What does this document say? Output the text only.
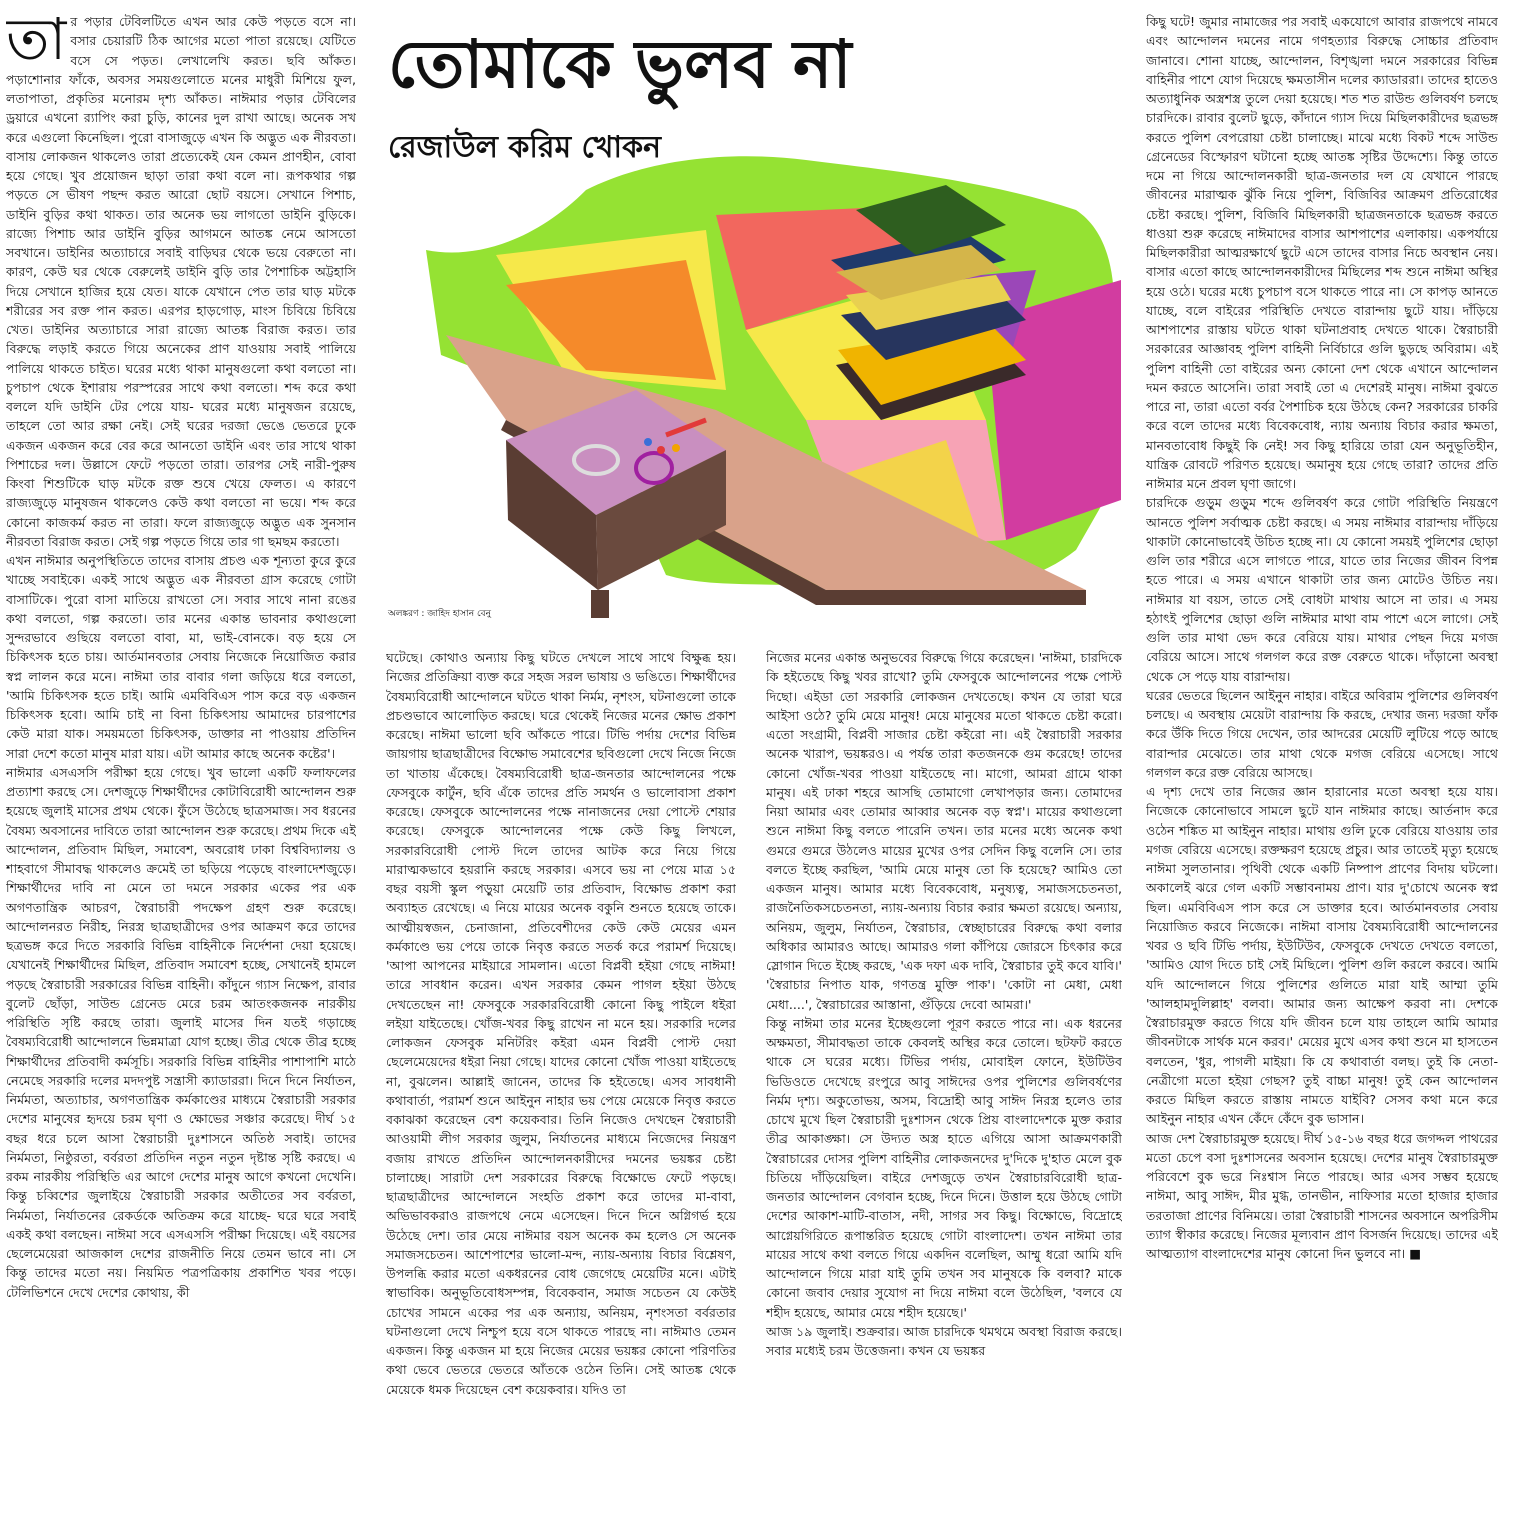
তোমাকে ভুলব না
রেজাউল করিম খোকন
অলঙ্করণ : জাহিদ হাসান বেনু

তার পড়ার টেবিলটিতে এখন আর কেউ পড়তে বসে না। বসার চেয়ারটি ঠিক আগের মতো পাতা রয়েছে। যেটিতে বসে সে পড়ত। লেখালেখি করত। ছবি আঁকত। পড়াশোনার ফাঁকে, অবসর সময়গুলোতে মনের মাধুরী মিশিয়ে ফুল, লতাপাতা, প্রকৃতির মনোরম দৃশ্য আঁকত। নাঈমার পড়ার টেবিলের ড্রয়ারে এখনো র‍্যাপিং করা চুড়ি, কানের দুল রাখা আছে। অনেক সখ করে এগুলো কিনেছিল। পুরো বাসাজুড়ে এখন কি অদ্ভুত এক নীরবতা। বাসায় লোকজন থাকলেও তারা প্রত্যেকেই যেন কেমন প্রাণহীন, বোবা হয়ে গেছে। খুব প্রয়োজন ছাড়া তারা কথা বলে না। রূপকথার গল্প পড়তে সে ভীষণ পছন্দ করত আরো ছোট বয়সে। সেখানে পিশাচ, ডাইনি বুড়ির কথা থাকত। তার অনেক ভয় লাগতো ডাইনি বুড়িকে। রাজ্যে পিশাচ আর ডাইনি বুড়ির আগমনে আতঙ্ক নেমে আসতো সবখানে। ডাইনির অত্যাচারে সবাই বাড়িঘর থেকে ভয়ে বেরুতো না। কারণ, কেউ ঘর থেকে বেরুলেই ডাইনি বুড়ি তার পৈশাচিক অট্টহাসি দিয়ে সেখানে হাজির হয়ে যেত। যাকে যেখানে পেত তার ঘাড় মটকে শরীরের সব রক্ত পান করত। এরপর হাড়গোড়, মাংস চিবিয়ে চিবিয়ে খেত। ডাইনির অত্যাচারে সারা রাজ্যে আতঙ্ক বিরাজ করত। তার বিরুদ্ধে লড়াই করতে গিয়ে অনেকের প্রাণ যাওয়ায় সবাই পালিয়ে পালিয়ে থাকতে চাইত। ঘরের মধ্যে থাকা মানুষগুলো কথা বলতো না। চুপচাপ থেকে ইশারায় পরস্পরের সাথে কথা বলতো। শব্দ করে কথা বললে যদি ডাইনি টের পেয়ে যায়- ঘরের মধ্যে মানুষজন রয়েছে, তাহলে তো আর রক্ষা নেই। সেই ঘরের দরজা ভেঙে ভেতরে ঢুকে একজন একজন করে বের করে আনতো ডাইনি এবং তার সাথে থাকা পিশাচের দল। উল্লাসে ফেটে পড়তো তারা। তারপর সেই নারী-পুরুষ কিংবা শিশুটিকে ঘাড় মটকে রক্ত শুষে খেয়ে ফেলত। এ কারণে রাজ্যজুড়ে মানুষজন থাকলেও কেউ কথা বলতো না ভয়ে। শব্দ করে কোনো কাজকর্ম করত না তারা। ফলে রাজ্যজুড়ে অদ্ভুত এক সুনসান নীরবতা বিরাজ করত। সেই গল্প পড়তে গিয়ে তার গা ছমছম করতো।

এখন নাঈমার অনুপস্থিতিতে তাদের বাসায় প্রচণ্ড এক শূন্যতা কুরে কুরে খাচ্ছে সবাইকে। একই সাথে অদ্ভুত এক নীরবতা গ্রাস করেছে গোটা বাসাটিকে। পুরো বাসা মাতিয়ে রাখতো সে। সবার সাথে নানা রঙের কথা বলতো, গল্প করতো। তার মনের একান্ত ভাবনার কথাগুলো সুন্দরভাবে গুছিয়ে বলতো বাবা, মা, ভাই-বোনকে। বড় হয়ে সে চিকিৎসক হতে চায়। আর্তমানবতার সেবায় নিজেকে নিয়োজিত করার স্বপ্ন লালন করে মনে। নাঈমা তার বাবার গলা জড়িয়ে ধরে বলতো, 'আমি চিকিৎসক হতে চাই। আমি এমবিবিএস পাস করে বড় একজন চিকিৎসক হবো। আমি চাই না বিনা চিকিৎসায় আমাদের চারপাশের কেউ মারা যাক। সময়মতো চিকিৎসক, ডাক্তার না পাওয়ায় প্রতিদিন সারা দেশে কতো মানুষ মারা যায়। এটা আমার কাছে অনেক কষ্টের'।

নাঈমার এসএসসি পরীক্ষা হয়ে গেছে। খুব ভালো একটি ফলাফলের প্রত্যাশা করছে সে। দেশজুড়ে শিক্ষার্থীদের কোটাবিরোধী আন্দোলন শুরু হয়েছে জুলাই মাসের প্রথম থেকে। ফুঁসে উঠেছে ছাত্রসমাজ। সব ধরনের বৈষম্য অবসানের দাবিতে তারা আন্দোলন শুরু করেছে। প্রথম দিকে এই আন্দোলন, প্রতিবাদ মিছিল, সমাবেশ, অবরোধ ঢাকা বিশ্ববিদ্যালয় ও শাহবাগে সীমাবদ্ধ থাকলেও ক্রমেই তা ছড়িয়ে পড়েছে বাংলাদেশজুড়ে। শিক্ষার্থীদের দাবি না মেনে তা দমনে সরকার একের পর এক অগণতান্ত্রিক আচরণ, স্বৈরাচারী পদক্ষেপ গ্রহণ শুরু করেছে। আন্দোলনরত নিরীহ, নিরস্ত্র ছাত্রছাত্রীদের ওপর আক্রমণ করে তাদের ছত্রভঙ্গ করে দিতে সরকারি বিভিন্ন বাহিনীকে নির্দেশনা দেয়া হয়েছে। যেখানেই শিক্ষার্থীদের মিছিল, প্রতিবাদ সমাবেশ হচ্ছে, সেখানেই হামলে পড়ছে স্বৈরাচারী সরকারের বিভিন্ন বাহিনী। কাঁদুনে গ্যাস নিক্ষেপ, রাবার বুলেট ছোঁড়া, সাউন্ড গ্রেনেড মেরে চরম আতংকজনক নারকীয় পরিস্থিতি সৃষ্টি করছে তারা। জুলাই মাসের দিন যতই গড়াচ্ছে বৈষম্যবিরোধী আন্দোলনে ভিন্নমাত্রা যোগ হচ্ছে। তীব্র থেকে তীব্র হচ্ছে শিক্ষার্থীদের প্রতিবাদী কর্মসূচি। সরকারি বিভিন্ন বাহিনীর পাশাপাশি মাঠে নেমেছে সরকারি দলের মদদপুষ্ট সন্ত্রাসী ক্যাডাররা। দিনে দিনে নির্যাতন, নির্মমতা, অত্যাচার, অগণতান্ত্রিক কর্মকাণ্ডের মাধ্যমে স্বৈরাচারী সরকার দেশের মানুষের হৃদয়ে চরম ঘৃণা ও ক্ষোভের সঞ্চার করেছে। দীর্ঘ ১৫ বছর ধরে চলে আসা স্বৈরাচারী দুঃশাসনে অতিষ্ঠ সবাই। তাদের নির্মমতা, নিষ্ঠুরতা, বর্বরতা প্রতিদিন নতুন নতুন দৃষ্টান্ত সৃষ্টি করছে। এ রকম নারকীয় পরিস্থিতি এর আগে দেশের মানুষ আগে কখনো দেখেনি। কিন্তু চব্বিশের জুলাইয়ে স্বৈরাচারী সরকার অতীতের সব বর্বরতা, নির্মমতা, নির্যাতনের রেকর্ডকে অতিক্রম করে যাচ্ছে- ঘরে ঘরে সবাই একই কথা বলছেন। নাঈমা সবে এসএসসি পরীক্ষা দিয়েছে। এই বয়সের ছেলেমেয়েরা আজকাল দেশের রাজনীতি নিয়ে তেমন ভাবে না। সে কিন্তু তাদের মতো নয়। নিয়মিত পত্রপত্রিকায় প্রকাশিত খবর পড়ে। টেলিভিশনে দেখে দেশের কোথায়, কী

ঘটেছে। কোথাও অন্যায় কিছু ঘটতে দেখলে সাথে সাথে বিক্ষুব্ধ হয়। নিজের প্রতিক্রিয়া ব্যক্ত করে সহজ সরল ভাষায় ও ভঙিতে। শিক্ষার্থীদের বৈষম্যবিরোধী আন্দোলনে ঘটতে থাকা নির্মম, নৃশংস, ঘটনাগুলো তাকে প্রচণ্ডভাবে আলোড়িত করছে। ঘরে থেকেই নিজের মনের ক্ষোভ প্রকাশ করেছে। নাঈমা ভালো ছবি আঁকতে পারে। টিভি পর্দায় দেশের বিভিন্ন জায়গায় ছাত্রছাত্রীদের বিক্ষোভ সমাবেশের ছবিগুলো দেখে নিজে নিজে তা খাতায় এঁকেছে। বৈষম্যবিরোধী ছাত্র-জনতার আন্দোলনের পক্ষে ফেসবুকে কার্টুন, ছবি এঁকে তাদের প্রতি সমর্থন ও ভালোবাসা প্রকাশ করেছে। ফেসবুকে আন্দোলনের পক্ষে নানাজনের দেয়া পোস্টে শেয়ার করেছে। ফেসবুকে আন্দোলনের পক্ষে কেউ কিছু লিখলে, সরকারবিরোধী পোস্ট দিলে তাদের আটক করে নিয়ে গিয়ে মারাত্মকভাবে হয়রানি করছে সরকার। এসবে ভয় না পেয়ে মাত্র ১৫ বছর বয়সী স্কুল পড়ুয়া মেয়েটি তার প্রতিবাদ, বিক্ষোভ প্রকাশ করা অব্যাহত রেখেছে। এ নিয়ে মায়ের অনেক বকুনি শুনতে হয়েছে তাকে। আত্মীয়স্বজন, চেনাজানা, প্রতিবেশীদের কেউ কেউ মেয়ের এমন কর্মকাণ্ডে ভয় পেয়ে তাকে নিবৃত্ত করতে সতর্ক করে পরামর্শ দিয়েছে। 'আপা আপনের মাইয়ারে সামলান। এতো বিপ্লবী হইয়া গেছে নাঈমা! তারে সাবধান করেন। এখন সরকার কেমন পাগল হইয়া উঠছে দেখতেছেন না! ফেসবুকে সরকারবিরোধী কোনো কিছু পাইলে ধইরা লইয়া যাইতেছে। খোঁজ-খবর কিছু রাখেন না মনে হয়। সরকারি দলের লোকজন ফেসবুক মনিটরিং কইরা এমন বিপ্লবী পোস্ট দেয়া ছেলেমেয়েদের ধইরা নিয়া গেছে। যাদের কোনো খোঁজ পাওয়া যাইতেছে না, বুঝলেন। আল্লাই জানেন, তাদের কি হইতেছে। এসব সাবধানী কথাবার্তা, পরামর্শ শুনে আইনুন নাহার ভয় পেয়ে মেয়েকে নিবৃত্ত করতে বকাঝকা করেছেন বেশ কয়েকবার। তিনি নিজেও দেখছেন স্বৈরাচারী আওয়ামী লীগ সরকার জুলুম, নির্যাতনের মাধ্যমে নিজেদের নিয়ন্ত্রণ বজায় রাখতে প্রতিদিন আন্দোলনকারীদের দমনের ভয়ঙ্কর চেষ্টা চালাচ্ছে। সারাটা দেশ সরকারের বিরুদ্ধে বিক্ষোভে ফেটে পড়ছে। ছাত্রছাত্রীদের আন্দোলনে সংহতি প্রকাশ করে তাদের মা-বাবা, অভিভাবকরাও রাজপথে নেমে এসেছেন। দিনে দিনে অগ্নিগর্ভ হয়ে উঠেছে দেশ। তার মেয়ে নাঈমার বয়স অনেক কম হলেও সে অনেক সমাজসচেতন। আশেপাশের ভালো-মন্দ, ন্যায়-অন্যায় বিচার বিশ্লেষণ, উপলব্ধি করার মতো একধরনের বোধ জেগেছে মেয়েটির মনে। এটাই স্বাভাবিক। অনুভূতিবোধসম্পন্ন, বিবেকবান, সমাজ সচেতন যে কেউই চোখের সামনে একের পর এক অন্যায়, অনিয়ম, নৃশংসতা বর্বরতার ঘটনাগুলো দেখে নিশ্চুপ হয়ে বসে থাকতে পারছে না। নাঈমাও তেমন একজন। কিন্তু একজন মা হয়ে নিজের মেয়ের ভয়ঙ্কর কোনো পরিণতির কথা ভেবে ভেতরে ভেতরে আঁতকে ওঠেন তিনি। সেই আতঙ্ক থেকে মেয়েকে ধমক দিয়েছেন বেশ কয়েকবার। যদিও তা

নিজের মনের একান্ত অনুভবের বিরুদ্ধে গিয়ে করেছেন। 'নাঈমা, চারদিকে কি হইতেছে কিছু খবর রাখো? তুমি ফেসবুকে আন্দোলনের পক্ষে পোস্ট দিছো। এইডা তো সরকারি লোকজন দেখতেছে। কখন যে তারা ঘরে আইসা ওঠে? তুমি মেয়ে মানুষ! মেয়ে মানুষের মতো থাকতে চেষ্টা করো। এতো সংগ্রামী, বিপ্লবী সাজার চেষ্টা কইরো না। এই স্বৈরাচারী সরকার অনেক খারাপ, ভয়ঙ্করও। এ পর্যন্ত তারা কতজনকে গুম করেছে! তাদের কোনো খোঁজ-খবর পাওয়া যাইতেছে না। মাগো, আমরা গ্রামে থাকা মানুষ। এই ঢাকা শহরে আসছি তোমাগো লেখাপড়ার জন্য। তোমাদের নিয়া আমার এবং তোমার আব্বার অনেক বড় স্বপ্ন'। মায়ের কথাগুলো শুনে নাঈমা কিছু বলতে পারেনি তখন। তার মনের মধ্যে অনেক কথা গুমরে গুমরে উঠলেও মায়ের মুখের ওপর সেদিন কিছু বলেনি সে। তার বলতে ইচ্ছে করছিল, 'আমি মেয়ে মানুষ তো কি হয়েছে? আমিও তো একজন মানুষ। আমার মধ্যে বিবেকবোধ, মনুষ্যত্ব, সমাজসচেতনতা, রাজনৈতিকসচেতনতা, ন্যায়-অন্যায় বিচার করার ক্ষমতা রয়েছে। অন্যায়, অনিয়ম, জুলুম, নির্যাতন, স্বৈরাচার, স্বেচ্ছাচারের বিরুদ্ধে কথা বলার অধিকার আমারও আছে। আমারও গলা কাঁপিয়ে জোরসে চিৎকার করে স্লোগান দিতে ইচ্ছে করছে, 'এক দফা এক দাবি, স্বৈরাচার তুই কবে যাবি।' 'স্বৈরাচার নিপাত যাক, গণতন্ত্র মুক্তি পাক'। 'কোটা না মেধা, মেধা মেধা....', স্বৈরাচারের আস্তানা, গুঁড়িয়ে দেবো আমরা।'

কিন্তু নাঈমা তার মনের ইচ্ছেগুলো পূরণ করতে পারে না। এক ধরনের অক্ষমতা, সীমাবদ্ধতা তাকে কেবলই অস্থির করে তোলে। ছটফট করতে থাকে সে ঘরের মধ্যে। টিভির পর্দায়, মোবাইল ফোনে, ইউটিউব ভিডিওতে দেখেছে রংপুরে আবু সাঈদের ওপর পুলিশের গুলিবর্ষণের নির্মম দৃশ্য। অকুতোভয়, অসম, বিদ্রোহী আবু সাঈদ নিরস্ত্র হলেও তার চোখে মুখে ছিল স্বৈরাচারী দুঃশাসন থেকে প্রিয় বাংলাদেশকে মুক্ত করার তীব্র আকাঙ্ক্ষা। সে উদ্যত অস্ত্র হাতে এগিয়ে আসা আক্রমণকারী স্বৈরাচারের দোসর পুলিশ বাহিনীর লোকজনদের দু'দিকে দু'হাত মেলে বুক চিতিয়ে দাঁড়িয়েছিল। বাইরে দেশজুড়ে তখন স্বৈরাচারবিরোধী ছাত্র-জনতার আন্দোলন বেগবান হচ্ছে, দিনে দিনে। উত্তাল হয়ে উঠছে গোটা দেশের আকাশ-মাটি-বাতাস, নদী, সাগর সব কিছু। বিক্ষোভে, বিদ্রোহে আগ্নেয়গিরিতে রূপান্তরিত হয়েছে গোটা বাংলাদেশ। তখন নাঈমা তার মায়ের সাথে কথা বলতে গিয়ে একদিন বলেছিল, আম্মু ধরো আমি যদি আন্দোলনে গিয়ে মারা যাই তুমি তখন সব মানুষকে কি বলবা? মাকে কোনো জবাব দেয়ার সুযোগ না দিয়ে নাঈমা বলে উঠেছিল, 'বলবে যে শহীদ হয়েছে, আমার মেয়ে শহীদ হয়েছে।'

আজ ১৯ জুলাই। শুক্রবার। আজ চারদিকে থমথমে অবস্থা বিরাজ করছে। সবার মধ্যেই চরম উত্তেজনা। কখন যে ভয়ঙ্কর

কিছু ঘটে! জুমার নামাজের পর সবাই একযোগে আবার রাজপথে নামবে এবং আন্দোলন দমনের নামে গণহত্যার বিরুদ্ধে সোচ্চার প্রতিবাদ জানাবে। শোনা যাচ্ছে, আন্দোলন, বিশৃঙ্খলা দমনে সরকারের বিভিন্ন বাহিনীর পাশে যোগ দিয়েছে ক্ষমতাসীন দলের ক্যাডাররা। তাদের হাতেও অত্যাধুনিক অস্ত্রশস্ত্র তুলে দেয়া হয়েছে। শত শত রাউন্ড গুলিবর্ষণ চলছে চারদিকে। রাবার বুলেট ছুড়ে, কাঁদানে গ্যাস দিয়ে মিছিলকারীদের ছত্রভঙ্গ করতে পুলিশ বেপরোয়া চেষ্টা চালাচ্ছে। মাঝে মধ্যে বিকট শব্দে সাউন্ড গ্রেনেডের বিস্ফোরণ ঘটানো হচ্ছে আতঙ্ক সৃষ্টির উদ্দেশ্যে। কিন্তু তাতে দমে না গিয়ে আন্দোলনকারী ছাত্র-জনতার দল যে যেখানে পারছে জীবনের মারাত্মক ঝুঁকি নিয়ে পুলিশ, বিজিবির আক্রমণ প্রতিরোধের চেষ্টা করছে। পুলিশ, বিজিবি মিছিলকারী ছাত্রজনতাকে ছত্রভঙ্গ করতে ধাওয়া শুরু করেছে নাঈমাদের বাসার আশপাশের এলাকায়। একপর্যায়ে মিছিলকারীরা আত্মরক্ষার্থে ছুটে এসে তাদের বাসার নিচে অবস্থান নেয়। বাসার এতো কাছে আন্দোলনকারীদের মিছিলের শব্দ শুনে নাঈমা অস্থির হয়ে ওঠে। ঘরের মধ্যে চুপচাপ বসে থাকতে পারে না। সে কাপড় আনতে যাচ্ছে, বলে বাইরের পরিস্থিতি দেখতে বারান্দায় ছুটে যায়। দাঁড়িয়ে আশপাশের রাস্তায় ঘটতে থাকা ঘটনাপ্রবাহ দেখতে থাকে। স্বৈরাচারী সরকারের আজ্ঞাবহ পুলিশ বাহিনী নির্বিচারে গুলি ছুড়ছে অবিরাম। এই পুলিশ বাহিনী তো বাইরের অন্য কোনো দেশ থেকে এখানে আন্দোলন দমন করতে আসেনি। তারা সবাই তো এ দেশেরই মানুষ। নাঈমা বুঝতে পারে না, তারা এতো বর্বর পৈশাচিক হয়ে উঠছে কেন? সরকারের চাকরি করে বলে তাদের মধ্যে বিবেকবোধ, ন্যায় অন্যায় বিচার করার ক্ষমতা, মানবতাবোধ কিছুই কি নেই! সব কিছু হারিয়ে তারা যেন অনুভূতিহীন, যান্ত্রিক রোবটে পরিণত হয়েছে। অমানুষ হয়ে গেছে তারা? তাদের প্রতি নাঈমার মনে প্রবল ঘৃণা জাগে।

চারদিকে গুড়ুম গুড়ুম শব্দে গুলিবর্ষণ করে গোটা পরিস্থিতি নিয়ন্ত্রণে আনতে পুলিশ সর্বাত্মক চেষ্টা করছে। এ সময় নাঈমার বারান্দায় দাঁড়িয়ে থাকাটা কোনোভাবেই উচিত হচ্ছে না। যে কোনো সময়ই পুলিশের ছোড়া গুলি তার শরীরে এসে লাগতে পারে, যাতে তার নিজের জীবন বিপন্ন হতে পারে। এ সময় এখানে থাকাটা তার জন্য মোটেও উচিত নয়। নাঈমার যা বয়স, তাতে সেই বোধটা মাথায় আসে না তার। এ সময় হঠাৎই পুলিশের ছোড়া গুলি নাঈমার মাথা বাম পাশে এসে লাগে। সেই গুলি তার মাথা ভেদ করে বেরিয়ে যায়। মাথার পেছন দিয়ে মগজ বেরিয়ে আসে। সাথে গলগল করে রক্ত বেরুতে থাকে। দাঁড়ানো অবস্থা থেকে সে পড়ে যায় বারান্দায়।

ঘরের ভেতরে ছিলেন আইনুন নাহার। বাইরে অবিরাম পুলিশের গুলিবর্ষণ চলছে। এ অবস্থায় মেয়েটা বারান্দায় কি করছে, দেখার জন্য দরজা ফাঁক করে উঁকি দিতে গিয়ে দেখেন, তার আদরের মেয়েটি লুটিয়ে পড়ে আছে বারান্দার মেঝেতে। তার মাথা থেকে মগজ বেরিয়ে এসেছে। সাথে গলগল করে রক্ত বেরিয়ে আসছে।

এ দৃশ্য দেখে তার নিজের জ্ঞান হারানোর মতো অবস্থা হয়ে যায়। নিজেকে কোনোভাবে সামলে ছুটে যান নাঈমার কাছে। আর্তনাদ করে ওঠেন শঙ্কিত মা আইনুন নাহার। মাথায় গুলি ঢুকে বেরিয়ে যাওয়ায় তার মগজ বেরিয়ে এসেছে। রক্তক্ষরণ হয়েছে প্রচুর। আর তাতেই মৃত্যু হয়েছে নাঈমা সুলতানার। পৃথিবী থেকে একটি নিষ্পাপ প্রাণের বিদায় ঘটলো। অকালেই ঝরে গেল একটি সম্ভাবনাময় প্রাণ। যার দু'চোখে অনেক স্বপ্ন ছিল। এমবিবিএস পাস করে সে ডাক্তার হবে। আর্তমানবতার সেবায় নিয়োজিত করবে নিজেকে। নাঈমা বাসায় বৈষম্যবিরোধী আন্দোলনের খবর ও ছবি টিভি পর্দায়, ইউটিউব, ফেসবুকে দেখতে দেখতে বলতো, 'আমিও যোগ দিতে চাই সেই মিছিলে। পুলিশ গুলি করলে করবে। আমি যদি আন্দোলনে গিয়ে পুলিশের গুলিতে মারা যাই আম্মা তুমি 'আলহামদুলিল্লাহ' বলবা। আমার জন্য আক্ষেপ করবা না। দেশকে স্বৈরাচারমুক্ত করতে গিয়ে যদি জীবন চলে যায় তাহলে আমি আমার জীবনটাকে সার্থক মনে করব।' মেয়ের মুখে এসব কথা শুনে মা হাসতেন বলতেন, 'ধুর, পাগলী মাইয়া। কি যে কথাবার্তা বলছ। তুই কি নেতা-নেত্রীগো মতো হইয়া গেছস? তুই বাচ্চা মানুষ! তুই কেন আন্দোলন করতে মিছিল করতে রাস্তায় নামতে যাইবি? সেসব কথা মনে করে আইনুন নাহার এখন কেঁদে কেঁদে বুক ভাসান।

আজ দেশ স্বৈরাচারমুক্ত হয়েছে। দীর্ঘ ১৫-১৬ বছর ধরে জগদ্দল পাথরের মতো চেপে বসা দুঃশাসনের অবসান হয়েছে। দেশের মানুষ স্বৈরাচারমুক্ত পরিবেশে বুক ভরে নিঃশ্বাস নিতে পারছে। আর এসব সম্ভব হয়েছে নাঈমা, আবু সাঈদ, মীর মুগ্ধ, তানভীন, নাফিসার মতো হাজার হাজার তরতাজা প্রাণের বিনিময়ে। তারা স্বৈরাচারী শাসনের অবসানে অপরিসীম ত্যাগ স্বীকার করেছে। নিজের মূল্যবান প্রাণ বিসর্জন দিয়েছে। তাদের এই আত্মত্যাগ বাংলাদেশের মানুষ কোনো দিন ভুলবে না। ■
